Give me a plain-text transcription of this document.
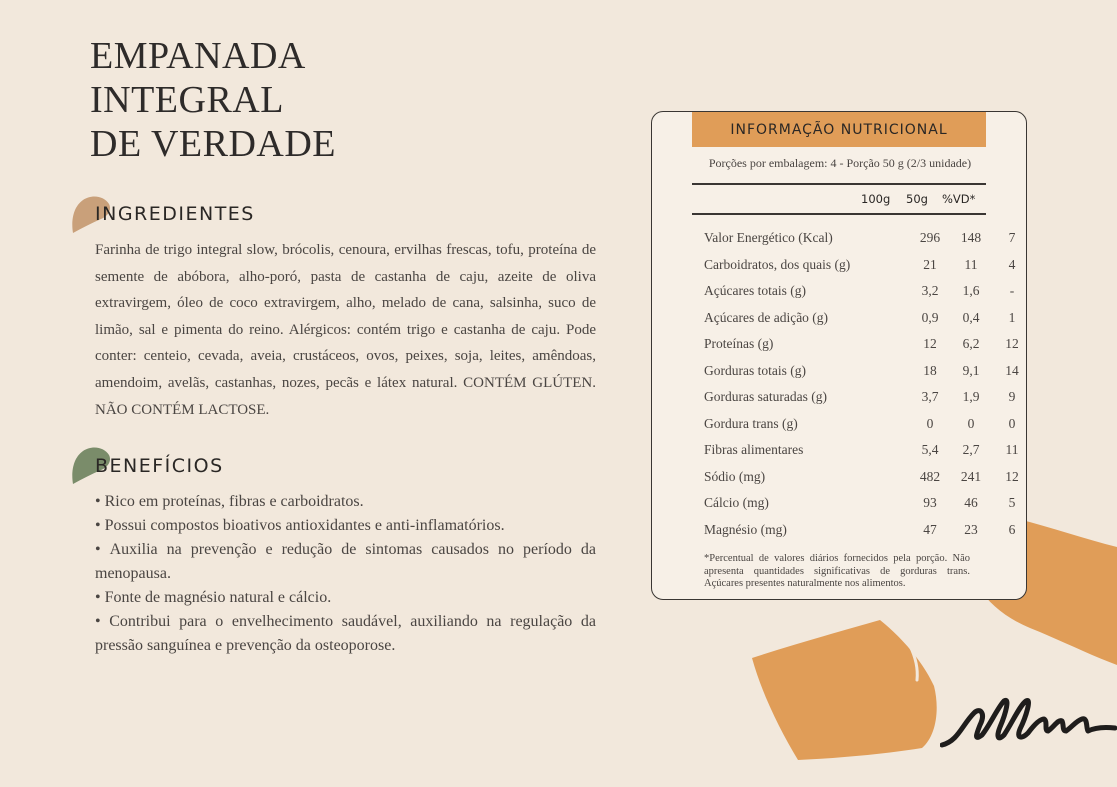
EMPANADA
INTEGRAL
DE VERDADE
INGREDIENTES

Farinha de trigo integral slow, brócolis, cenoura, ervilhas frescas, tofu, proteína de semente de abóbora, alho-poró, pasta de castanha de caju, azeite de oliva extravirgem, óleo de coco extravirgem, alho, melado de cana, salsinha, suco de limão, sal e pimenta do reino. Alérgicos: contém trigo e castanha de caju. Pode conter: centeio, cevada, aveia, crustáceos, ovos, peixes, soja, leites, amêndoas, amendoim, avelãs, castanhas, nozes, pecãs e látex natural. CONTÉM GLÚTEN. NÃO CONTÉM LACTOSE.

BENEFÍCIOS
• Rico em proteínas, fibras e carboidratos.
• Possui compostos bioativos antioxidantes e anti-inflamatórios.
• Auxilia na prevenção e redução de sintomas causados no período da menopausa.
• Fonte de magnésio natural e cálcio.
• Contribui para o envelhecimento saudável, auxiliando na regulação da pressão sanguínea e prevenção da osteoporose.
INFORMAÇÃO NUTRICIONAL
Porções por embalagem: 4 - Porção 50 g (2/3 unidade)
100g 50g %VD*
Valor Energético (Kcal)	296	148	7
Carboidratos, dos quais (g)	21	11	4
Açúcares totais (g)	3,2	1,6	-
Açúcares de adição (g)	0,9	0,4	1
Proteínas (g)	12	6,2	12
Gorduras totais (g)	18	9,1	14
Gorduras saturadas (g)	3,7	1,9	9
Gordura trans (g)	0	0	0
Fibras alimentares	5,4	2,7	11
Sódio (mg)	482	241	12
Cálcio (mg)	93	46	5
Magnésio (mg)	47	23	6

*Percentual de valores diários fornecidos pela porção. Não apresenta quantidades significativas de gorduras trans. Açúcares presentes naturalmente nos alimentos.
